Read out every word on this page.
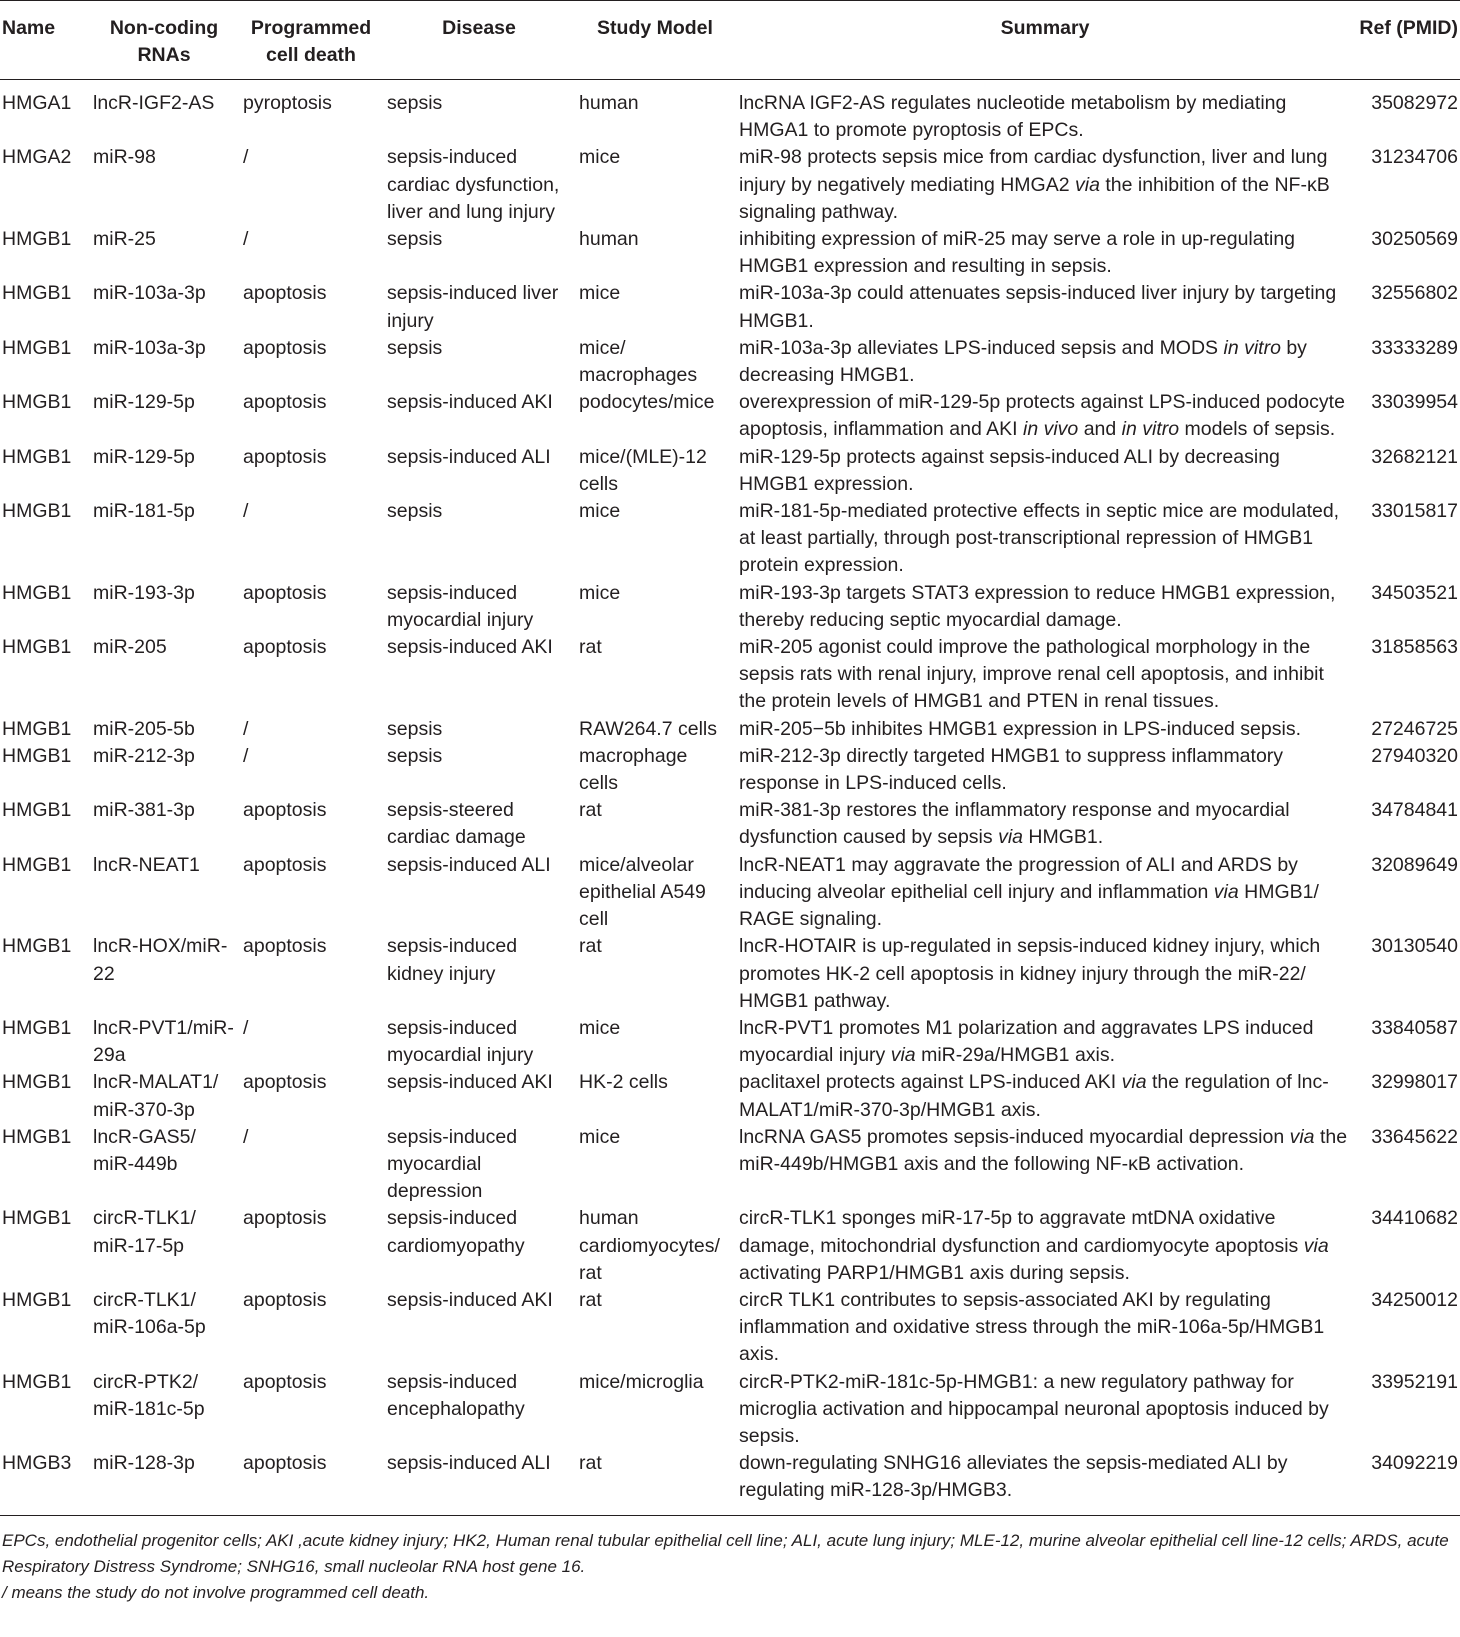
Name	Non-coding RNAs	Programmed cell death	Disease	Study Model	Summary	Ref (PMID)
HMGA1	lncR-IGF2-AS	pyroptosis	sepsis	human	lncRNA IGF2-AS regulates nucleotide metabolism by mediating HMGA1 to promote pyroptosis of EPCs.	35082972
HMGA2	miR-98	/	sepsis-induced cardiac dysfunction, liver and lung injury	mice	miR-98 protects sepsis mice from cardiac dysfunction, liver and lung injury by negatively mediating HMGA2 via the inhibition of the NF-κB signaling pathway.	31234706
HMGB1	miR-25	/	sepsis	human	inhibiting expression of miR-25 may serve a role in up-regulating HMGB1 expression and resulting in sepsis.	30250569
HMGB1	miR-103a-3p	apoptosis	sepsis-induced liver injury	mice	miR-103a-3p could attenuates sepsis-induced liver injury by targeting HMGB1.	32556802
HMGB1	miR-103a-3p	apoptosis	sepsis	mice/ macrophages	miR-103a-3p alleviates LPS-induced sepsis and MODS in vitro by decreasing HMGB1.	33333289
HMGB1	miR-129-5p	apoptosis	sepsis-induced AKI	podocytes/mice	overexpression of miR-129-5p protects against LPS-induced podocyte apoptosis, inflammation and AKI in vivo and in vitro models of sepsis.	33039954
HMGB1	miR-129-5p	apoptosis	sepsis-induced ALI	mice/(MLE)-12 cells	miR-129-5p protects against sepsis-induced ALI by decreasing HMGB1 expression.	32682121
HMGB1	miR-181-5p	/	sepsis	mice	miR-181-5p-mediated protective effects in septic mice are modulated, at least partially, through post-transcriptional repression of HMGB1 protein expression.	33015817
HMGB1	miR-193-3p	apoptosis	sepsis-induced myocardial injury	mice	miR-193-3p targets STAT3 expression to reduce HMGB1 expression, thereby reducing septic myocardial damage.	34503521
HMGB1	miR-205	apoptosis	sepsis-induced AKI	rat	miR-205 agonist could improve the pathological morphology in the sepsis rats with renal injury, improve renal cell apoptosis, and inhibit the protein levels of HMGB1 and PTEN in renal tissues.	31858563
HMGB1	miR-205-5b	/	sepsis	RAW264.7 cells	miR-205−5b inhibites HMGB1 expression in LPS-induced sepsis.	27246725
HMGB1	miR-212-3p	/	sepsis	macrophage cells	miR-212-3p directly targeted HMGB1 to suppress inflammatory response in LPS-induced cells.	27940320
HMGB1	miR-381-3p	apoptosis	sepsis-steered cardiac damage	rat	miR-381-3p restores the inflammatory response and myocardial dysfunction caused by sepsis via HMGB1.	34784841
HMGB1	lncR-NEAT1	apoptosis	sepsis-induced ALI	mice/alveolar epithelial A549 cell	lncR-NEAT1 may aggravate the progression of ALI and ARDS by inducing alveolar epithelial cell injury and inflammation via HMGB1/ RAGE signaling.	32089649
HMGB1	lncR-HOX/miR-22	apoptosis	sepsis-induced kidney injury	rat	lncR-HOTAIR is up-regulated in sepsis-induced kidney injury, which promotes HK-2 cell apoptosis in kidney injury through the miR-22/ HMGB1 pathway.	30130540
HMGB1	lncR-PVT1/miR-29a	/	sepsis-induced myocardial injury	mice	lncR-PVT1 promotes M1 polarization and aggravates LPS induced myocardial injury via miR-29a/HMGB1 axis.	33840587
HMGB1	lncR-MALAT1/ miR-370-3p	apoptosis	sepsis-induced AKI	HK-2 cells	paclitaxel protects against LPS-induced AKI via the regulation of lnc-MALAT1/miR-370-3p/HMGB1 axis.	32998017
HMGB1	lncR-GAS5/ miR-449b	/	sepsis-induced myocardial depression	mice	lncRNA GAS5 promotes sepsis-induced myocardial depression via the miR-449b/HMGB1 axis and the following NF-κB activation.	33645622
HMGB1	circR-TLK1/ miR-17-5p	apoptosis	sepsis-induced cardiomyopathy	human cardiomyocytes/ rat	circR-TLK1 sponges miR-17-5p to aggravate mtDNA oxidative damage, mitochondrial dysfunction and cardiomyocyte apoptosis via activating PARP1/HMGB1 axis during sepsis.	34410682
HMGB1	circR-TLK1/ miR-106a-5p	apoptosis	sepsis-induced AKI	rat	circR TLK1 contributes to sepsis-associated AKI by regulating inflammation and oxidative stress through the miR-106a-5p/HMGB1 axis.	34250012
HMGB1	circR-PTK2/ miR-181c-5p	apoptosis	sepsis-induced encephalopathy	mice/microglia	circR-PTK2-miR-181c-5p-HMGB1: a new regulatory pathway for microglia activation and hippocampal neuronal apoptosis induced by sepsis.	33952191
HMGB3	miR-128-3p	apoptosis	sepsis-induced ALI	rat	down-regulating SNHG16 alleviates the sepsis-mediated ALI by regulating miR-128-3p/HMGB3.	34092219
EPCs, endothelial progenitor cells; AKI ,acute kidney injury; HK2, Human renal tubular epithelial cell line; ALI, acute lung injury; MLE-12, murine alveolar epithelial cell line-12 cells; ARDS, acute Respiratory Distress Syndrome; SNHG16, small nucleolar RNA host gene 16.
/ means the study do not involve programmed cell death.
